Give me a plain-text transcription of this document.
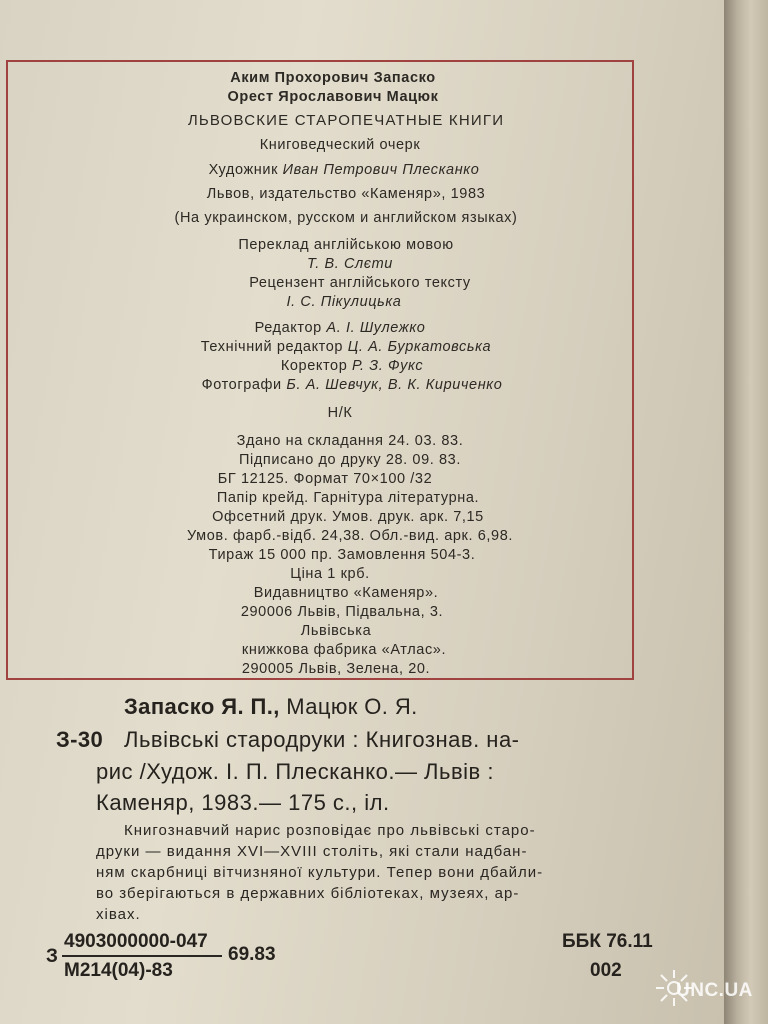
Аким Прохорович Запаско
Орест Ярославович Мацюк
ЛЬВОВСКИЕ СТАРОПЕЧАТНЫЕ КНИГИ
Книговедческий очерк
Художник Иван Петрович Плесканко
Львов, издательство «Каменяр», 1983
(На украинском, русском и английском языках)
Переклад англійською мовою
Т. В. Слєти
Рецензент англійського тексту
І. С. Пікулицька
Редактор А. І. Шулежко
Технічний редактор Ц. А. Буркатовська
Коректор Р. З. Фукс
Фотографи Б. А. Шевчук, В. К. Кириченко
Н/К
Здано на складання 24. 03. 83.
Підписано до друку 28. 09. 83.
БГ 12125. Формат 70×100 /32
Папір крейд. Гарнітура літературна.
Офсетний друк. Умов. друк. арк. 7,15
Умов. фарб.-відб. 24,38. Обл.-вид. арк. 6,98.
Тираж 15 000 пр. Замовлення 504-3.
Ціна 1 крб.
Видавництво «Каменяр».
290006 Львів, Підвальна, 3.
Львівська
книжкова фабрика «Атлас».
290005 Львів, Зелена, 20.
Запаско Я. П., Мацюк О. Я.
З-30 Львівські стародруки : Книгознав. на-
рис /Худож. І. П. Плесканко.— Львів :
Каменяр, 1983.— 175 с., іл.
Книгознавчий нарис розповідає про львівські старо-
друки — видання XVI—XVIII століть, які стали надбан-
ням скарбниці вітчизняної культури. Тепер вони дбайли-
во зберігаються в державних бібліотеках, музеях, ар-
хівах.
З
4903000000-047
М214(04)-83
69.83
ББК 76.11
002
UNC.UA
